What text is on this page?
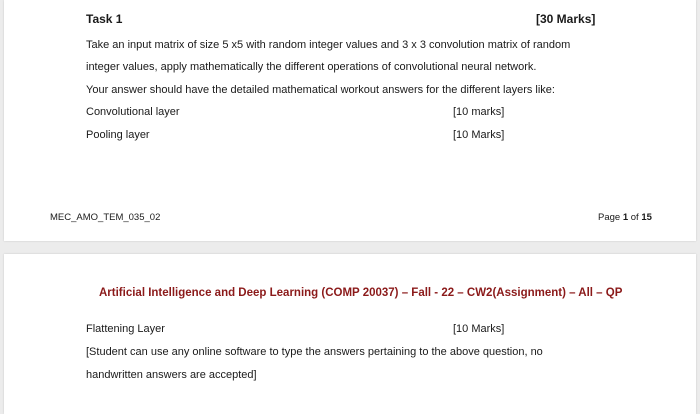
Task 1	[30 Marks]
Take an input matrix of size 5 x5 with random integer values and 3 x 3 convolution matrix of random
integer values, apply mathematically the different operations of convolutional neural network.
Your answer should have the detailed mathematical workout answers for the different layers like:
Convolutional layer	[10 marks]
Pooling layer	[10 Marks]
MEC_AMO_TEM_035_02	Page 1 of 15
Artificial Intelligence and Deep Learning (COMP 20037) – Fall - 22 – CW2(Assignment) – All – QP
Flattening Layer	[10 Marks]
[Student can use any online software to type the answers pertaining to the above question, no
handwritten answers are accepted]
